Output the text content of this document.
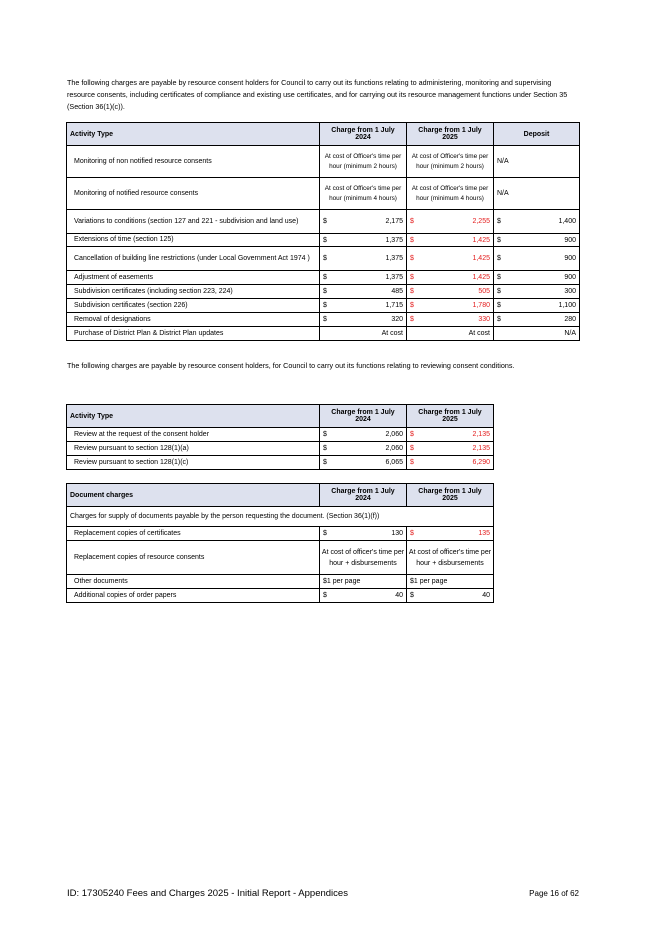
The following charges are payable by resource consent holders for Council to carry out its functions relating to administering, monitoring and supervising resource consents, including certificates of compliance and existing use certificates, and for carrying out its resource management functions under Section 35 (Section 36(1)(c)).
Activity Type	Charge from 1 July 2024	Charge from 1 July 2025	Deposit
Monitoring of non notified resource consents	At cost of Officer's time per hour (minimum 2 hours)	At cost of Officer's time per hour (minimum 2 hours)	N/A
Monitoring of notified resource consents	At cost of Officer's time per hour (minimum 4 hours)	At cost of Officer's time per hour (minimum 4 hours)	N/A
Variations to conditions (section 127 and 221 - subdivision and land use)	$ 2,175	$ 2,255	$ 1,400

Extensions of time (section 125)	$ 1,375	$ 1,425	$ 900

Cancellation of building line restrictions (under Local Government Act 1974 )	$ 1,375	$ 1,425	$ 900

Adjustment of easements	$ 1,375	$ 1,425	$ 900

Subdivision certificates (including section 223, 224)	$ 485	$ 505	$ 300

Subdivision certificates (section 226)	$ 1,715	$ 1,780	$ 1,100

Removal of designations	$ 320	$ 330	$ 280

Purchase of District Plan & District Plan updates	At cost	At cost	N/A
The following charges are payable by resource consent holders, for Council to carry out its functions relating to reviewing consent conditions.
Activity Type	Charge from 1 July 2024	Charge from 1 July 2025
Review at the request of the consent holder	$ 2,060	$ 2,135

Review pursuant to section 128(1)(a)	$ 2,060	$ 2,135

Review pursuant to section 128(1)(c)	$ 6,065	$ 6,290
Document charges	Charge from 1 July 2024	Charge from 1 July 2025
Charges for supply of documents payable by the person requesting the document. (Section 36(1)(f))		
Replacement copies of certificates	$ 130	$ 135

Replacement copies of resource consents	At cost of officer's time per hour + disbursements	At cost of officer's time per hour + disbursements
Other documents	$1 per page	$1 per page
Additional copies of order papers	$ 40	$ 40
ID: 17305240 Fees and Charges 2025 - Initial Report - Appendices	Page 16 of 62
